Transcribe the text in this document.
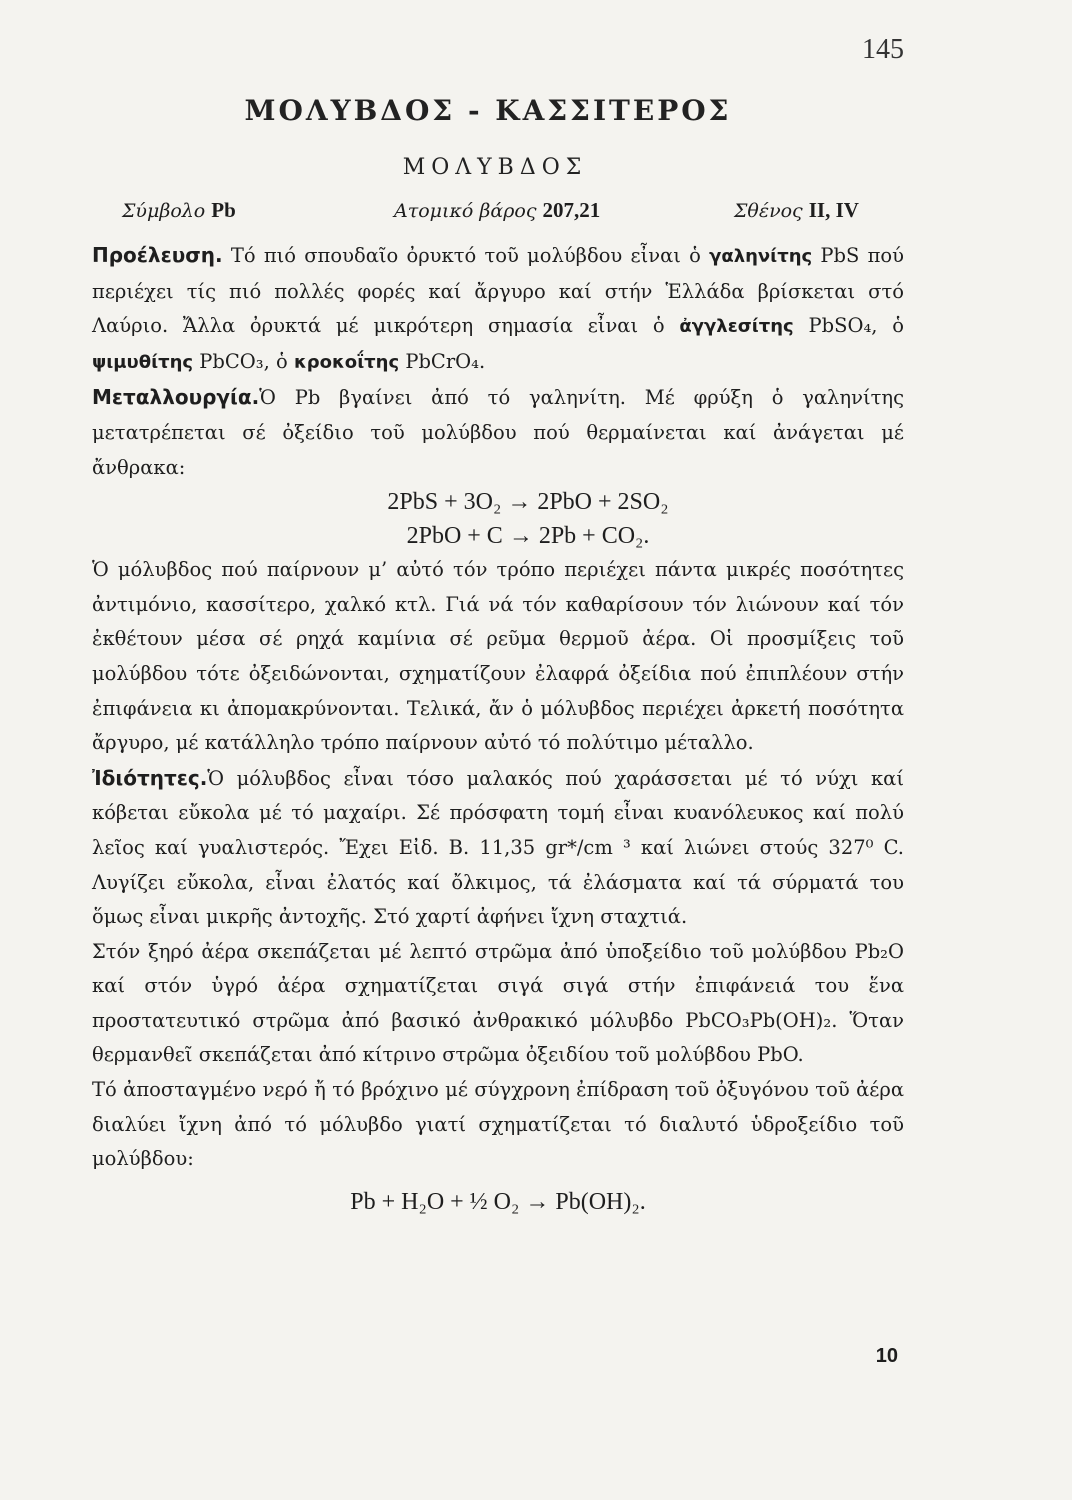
145
ΜΟΛΥΒΔΟΣ - ΚΑΣΣΙΤΕΡΟΣ
ΜΟΛΥΒΔΟΣ
Σύμβολο Pb	Ατομικό βάρος 207,21	Σθένος II, IV

Προέλευση. Τό πιό σπουδαῖο ὀρυκτό τοῦ μολύβδου εἶναι ὁ γαληνίτης PbS πού περιέχει τίς πιό πολλές φορές καί ἄργυρο καί στήν Ἑλλάδα βρίσκεται στό Λαύριο. Ἄλλα ὀρυκτά μέ μικρότερη σημασία εἶναι ὁ ἀγγλεσίτης PbSO₄, ὁ ψιμυθίτης PbCO₃, ὁ κροκοΐτης PbCrO₄.

Μεταλλουργία.Ὁ Pb βγαίνει ἀπό τό γαληνίτη. Μέ φρύξη ὁ γαληνίτης μετατρέπεται σέ ὀξείδιο τοῦ μολύβδου πού θερμαίνεται καί ἀνάγεται μέ ἄνθρακα:

2PbS + 3O₂ → 2PbO + 2SO₂
2PbO + C → 2Pb + CO₂.

Ὁ μόλυβδος πού παίρνουν μ’ αὐτό τόν τρόπο περιέχει πάντα μικρές ποσότητες ἀντιμόνιο, κασσίτερο, χαλκό κτλ. Γιά νά τόν καθαρίσουν τόν λιώνουν καί τόν ἐκθέτουν μέσα σέ ρηχά καμίνια σέ ρεῦμα θερμοῦ ἀέρα. Οἱ προσμίξεις τοῦ μολύβδου τότε ὀξειδώνονται, σχηματίζουν ἐλαφρά ὀξείδια πού ἐπιπλέουν στήν ἐπιφάνεια κι ἀπομακρύνονται. Τελικά, ἄν ὁ μόλυβδος περιέχει ἀρκετή ποσότητα ἄργυρο, μέ κατάλληλο τρόπο παίρνουν αὐτό τό πολύτιμο μέταλλο.

Ἰδιότητες.Ὁ μόλυβδος εἶναι τόσο μαλακός πού χαράσσεται μέ τό νύχι καί κόβεται εὔκολα μέ τό μαχαίρι. Σέ πρόσφατη τομή εἶναι κυανόλευκος καί πολύ λεῖος καί γυαλιστερός. Ἔχει Εἰδ. Β. 11,35 gr*/cm ³ καί λιώνει στούς 327⁰ C. Λυγίζει εὔκολα, εἶναι ἐλατός καί ὄλκιμος, τά ἐλάσματα καί τά σύρματά του ὅμως εἶναι μικρῆς ἀντοχῆς. Στό χαρτί ἀφήνει ἴχνη σταχτιά.

Στόν ξηρό ἀέρα σκεπάζεται μέ λεπτό στρῶμα ἀπό ὑποξείδιο τοῦ μολύβδου Pb₂O καί στόν ὑγρό ἀέρα σχηματίζεται σιγά σιγά στήν ἐπιφάνειά του ἕνα προστατευτικό στρῶμα ἀπό βασικό ἀνθρακικό μόλυβδο PbCO₃Pb(OH)₂. Ὅταν θερμανθεῖ σκεπάζεται ἀπό κίτρινο στρῶμα ὀξειδίου τοῦ μολύβδου PbO.

Τό ἀποσταγμένο νερό ἤ τό βρόχινο μέ σύγχρονη ἐπίδραση τοῦ ὀξυγόνου τοῦ ἀέρα διαλύει ἴχνη ἀπό τό μόλυβδο γιατί σχηματίζεται τό διαλυτό ὑδροξείδιο τοῦ μολύβδου:

Pb + H₂O + ½ O₂ → Pb(OH)₂.
10
